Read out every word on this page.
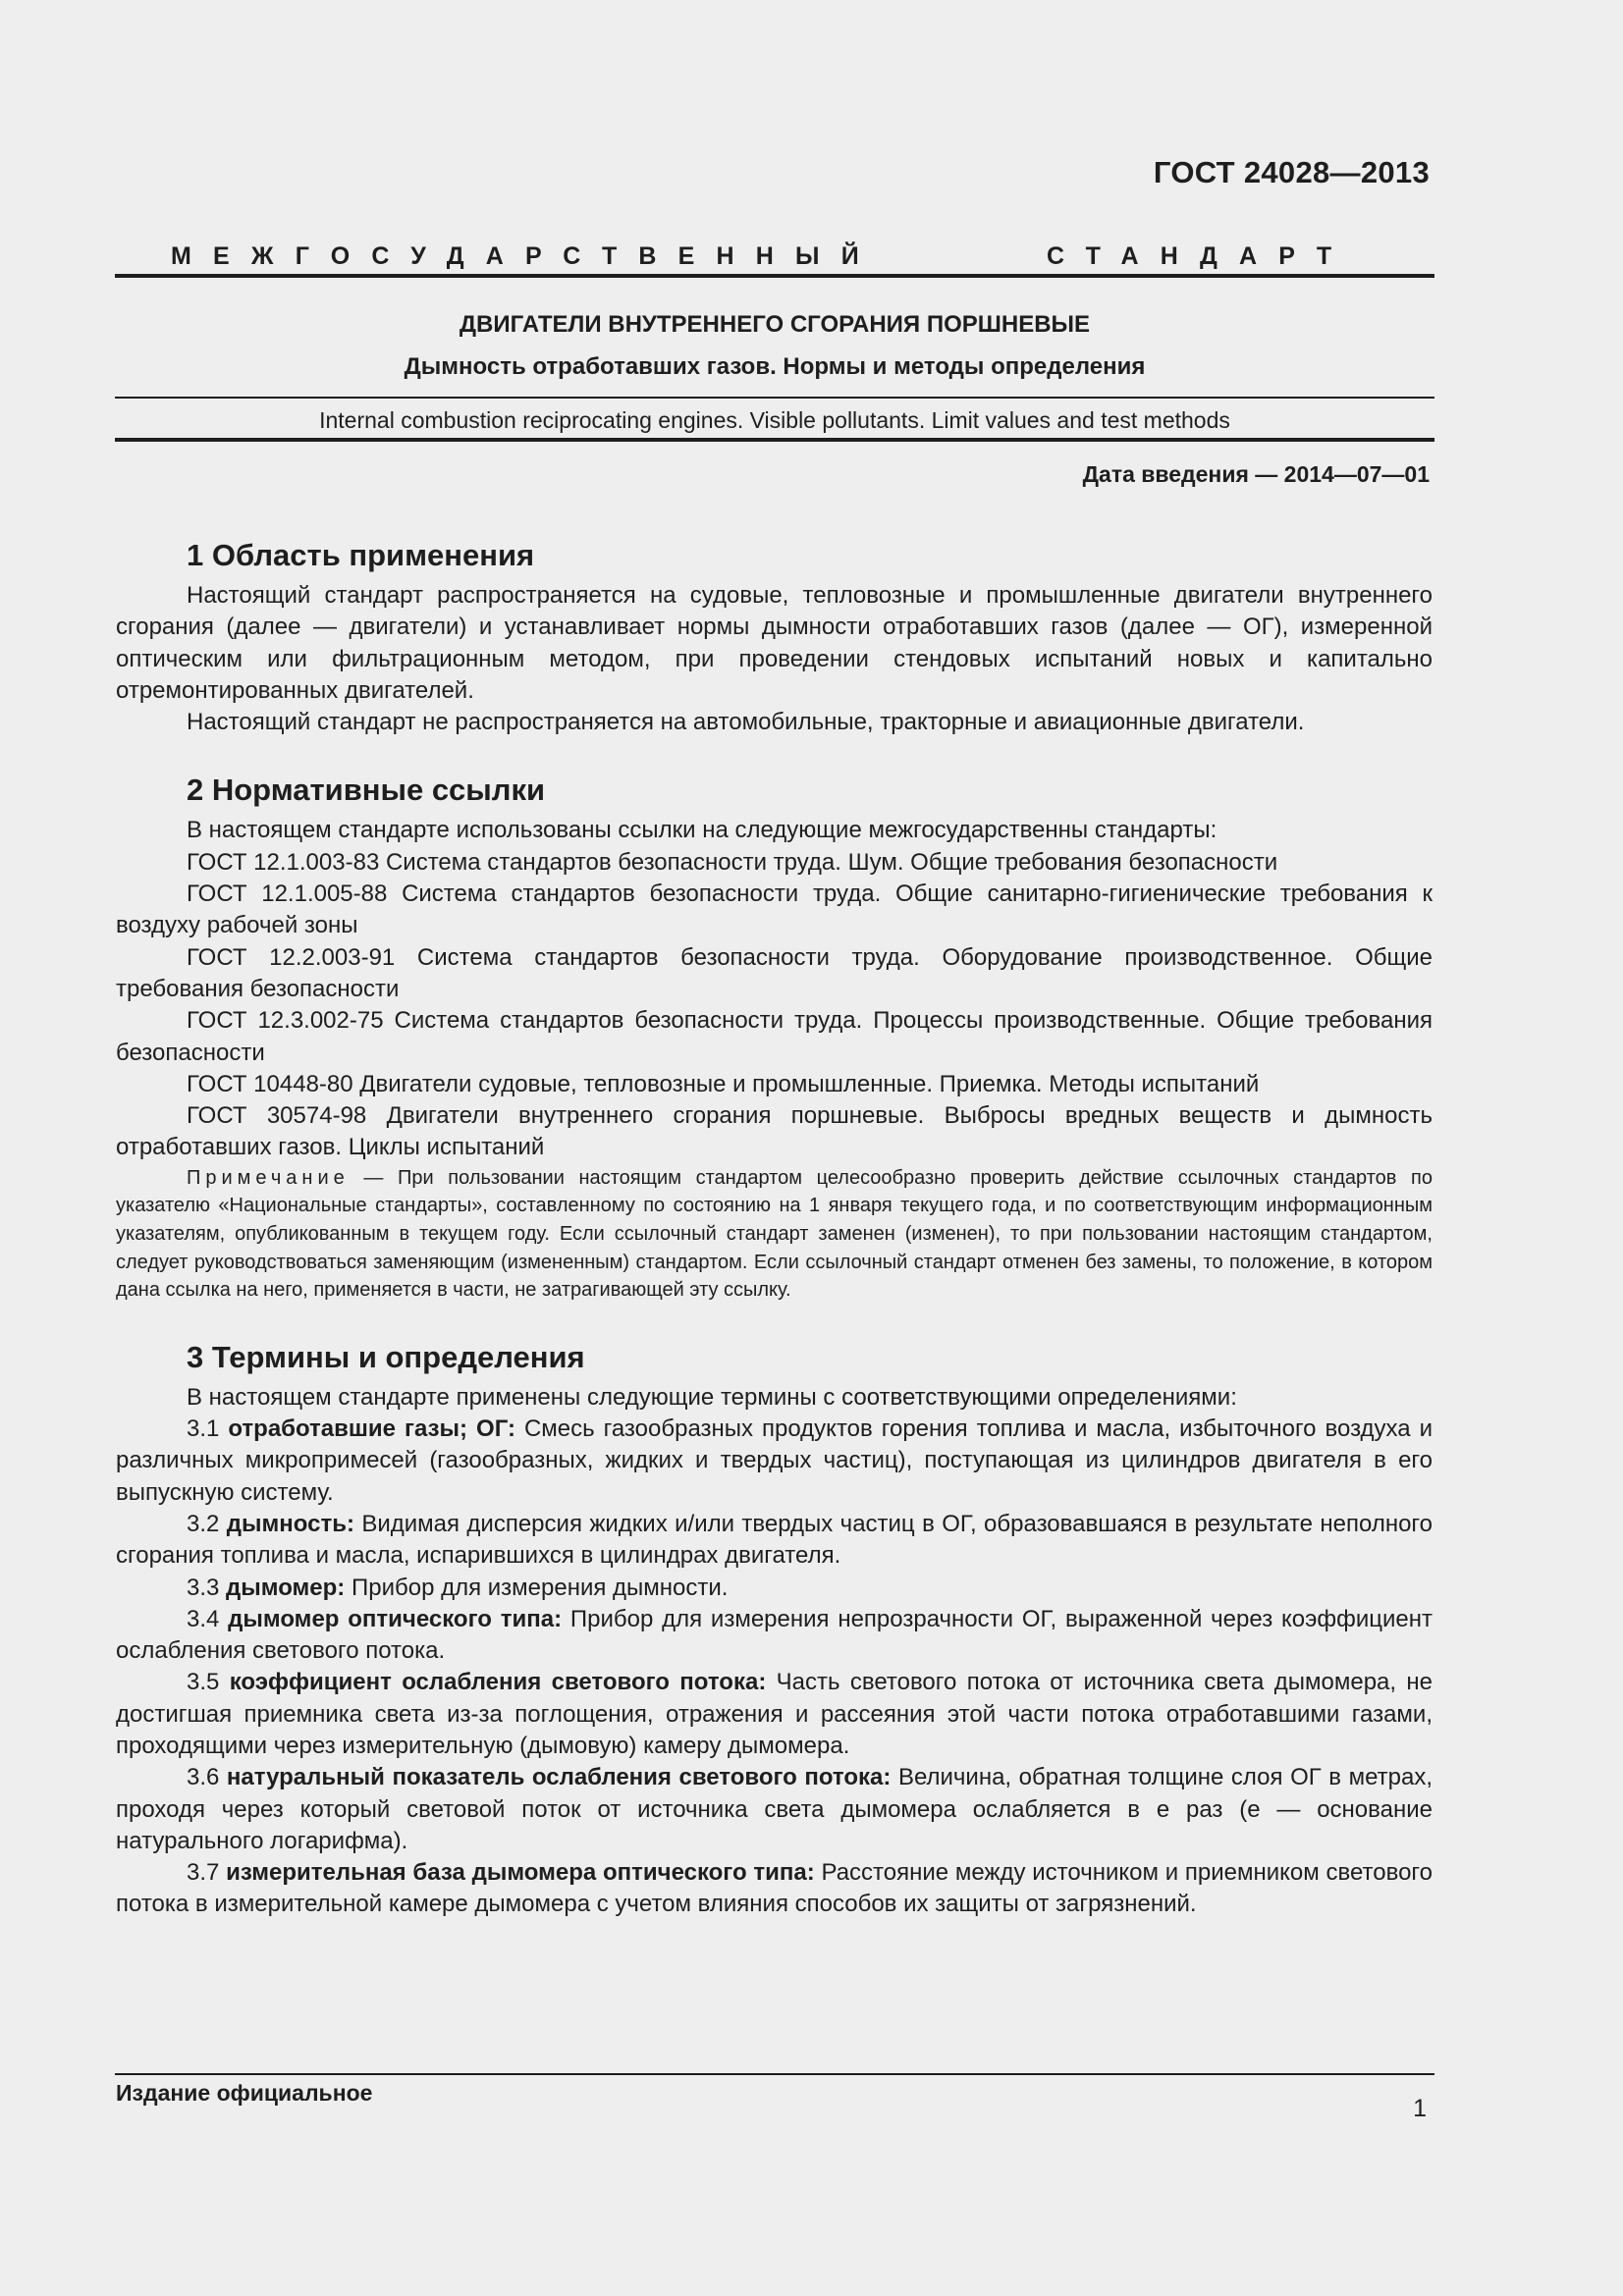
ГОСТ 24028—2013
МЕЖГОСУДАРСТВЕННЫЙ	СТАНДАРТ
ДВИГАТЕЛИ ВНУТРЕННЕГО СГОРАНИЯ ПОРШНЕВЫЕ
Дымность отработавших газов. Нормы и методы определения
Internal combustion reciprocating engines. Visible pollutants. Limit values and test methods
Дата введения — 2014—07—01
1 Область применения

Настоящий стандарт распространяется на судовые, тепловозные и промышленные двигатели внутреннего сгорания (далее — двигатели) и устанавливает нормы дымности отработавших газов (далее — ОГ), измеренной оптическим или фильтрационным методом, при проведении стендовых испытаний новых и капитально отремонтированных двигателей.

Настоящий стандарт не распространяется на автомобильные, тракторные и авиационные двигатели.

2 Нормативные ссылки

В настоящем стандарте использованы ссылки на следующие межгосударственны стандарты:

ГОСТ 12.1.003-83 Система стандартов безопасности труда. Шум. Общие требования безопасности

ГОСТ 12.1.005-88 Система стандартов безопасности труда. Общие санитарно-гигиенические требования к воздуху рабочей зоны

ГОСТ 12.2.003-91 Система стандартов безопасности труда. Оборудование производственное. Общие требования безопасности

ГОСТ 12.3.002-75 Система стандартов безопасности труда. Процессы производственные. Общие требования безопасности

ГОСТ 10448-80 Двигатели судовые, тепловозные и промышленные. Приемка. Методы испытаний

ГОСТ 30574-98 Двигатели внутреннего сгорания поршневые. Выбросы вредных веществ и дымность отработавших газов. Циклы испытаний

Примечание — При пользовании настоящим стандартом целесообразно проверить действие ссылочных стандартов по указателю «Национальные стандарты», составленному по состоянию на 1 января текущего года, и по соответствующим информационным указателям, опубликованным в текущем году. Если ссылочный стандарт заменен (изменен), то при пользовании настоящим стандартом, следует руководствоваться заменяющим (измененным) стандартом. Если ссылочный стандарт отменен без замены, то положение, в котором дана ссылка на него, применяется в части, не затрагивающей эту ссылку.

3 Термины и определения

В настоящем стандарте применены следующие термины с соответствующими определениями:

3.1 отработавшие газы; ОГ: Смесь газообразных продуктов горения топлива и масла, избыточного воздуха и различных микропримесей (газообразных, жидких и твердых частиц), поступающая из цилиндров двигателя в его выпускную систему.

3.2 дымность: Видимая дисперсия жидких и/или твердых частиц в ОГ, образовавшаяся в результате неполного сгорания топлива и масла, испарившихся в цилиндрах двигателя.

3.3 дымомер: Прибор для измерения дымности.

3.4 дымомер оптического типа: Прибор для измерения непрозрачности ОГ, выраженной через коэффициент ослабления светового потока.

3.5 коэффициент ослабления светового потока: Часть светового потока от источника света дымомера, не достигшая приемника света из-за поглощения, отражения и рассеяния этой части потока отработавшими газами, проходящими через измерительную (дымовую) камеру дымомера.

3.6 натуральный показатель ослабления светового потока: Величина, обратная толщине слоя ОГ в метрах, проходя через который световой поток от источника света дымомера ослабляется в е раз (е — основание натурального логарифма).

3.7 измерительная база дымомера оптического типа: Расстояние между источником и приемником светового потока в измерительной камере дымомера с учетом влияния способов их защиты от загрязнений.

Издание официальное
1
